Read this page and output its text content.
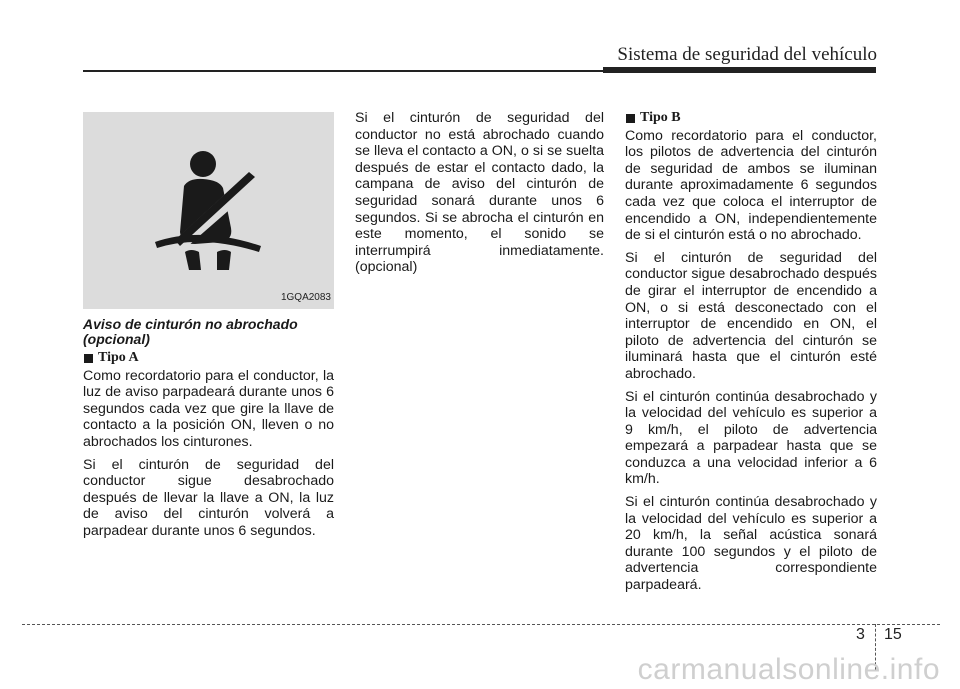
Sistema de seguridad del vehículo
1GQA2083
Aviso de cinturón no abrochado
(opcional)
Tipo A

Como recordatorio para el conductor, la luz de aviso parpadeará durante unos 6 segundos cada vez que gire la llave de contacto a la posición ON, lleven o no abrochados los cinturones.

Si el cinturón de seguridad del conductor sigue desabrochado después de llevar la llave a ON, la luz de aviso del cinturón volverá a parpadear durante unos 6 segundos.

Si el cinturón de seguridad del conductor no está abrochado cuando se lleva el contacto a ON, o si se suelta después de estar el contacto dado, la campana de aviso del cinturón de seguridad sonará durante unos 6 segundos. Si se abrocha el cinturón en este momento, el sonido se interrumpirá inmediatamente. (opcional)

Tipo B

Como recordatorio para el conductor, los pilotos de advertencia del cinturón de seguridad de ambos se iluminan durante aproximadamente 6 segundos cada vez que coloca el interruptor de encendido a ON, independientemente de si el cinturón está o no abrochado.

Si el cinturón de seguridad del conductor sigue desabrochado después de girar el interruptor de encendido a ON, o si está desconectado con el interruptor de encendido en ON, el piloto de advertencia del cinturón se iluminará hasta que el cinturón esté abrochado.

Si el cinturón continúa desabrochado y la velocidad del vehículo es superior a 9 km/h, el piloto de advertencia empezará a parpadear hasta que se conduzca a una velocidad inferior a 6 km/h.

Si el cinturón continúa desabrochado y la velocidad del vehículo es superior a 20 km/h, la señal acústica sonará durante 100 segundos y el piloto de advertencia correspondiente parpadeará.

3 15
carmanualsonline.info
